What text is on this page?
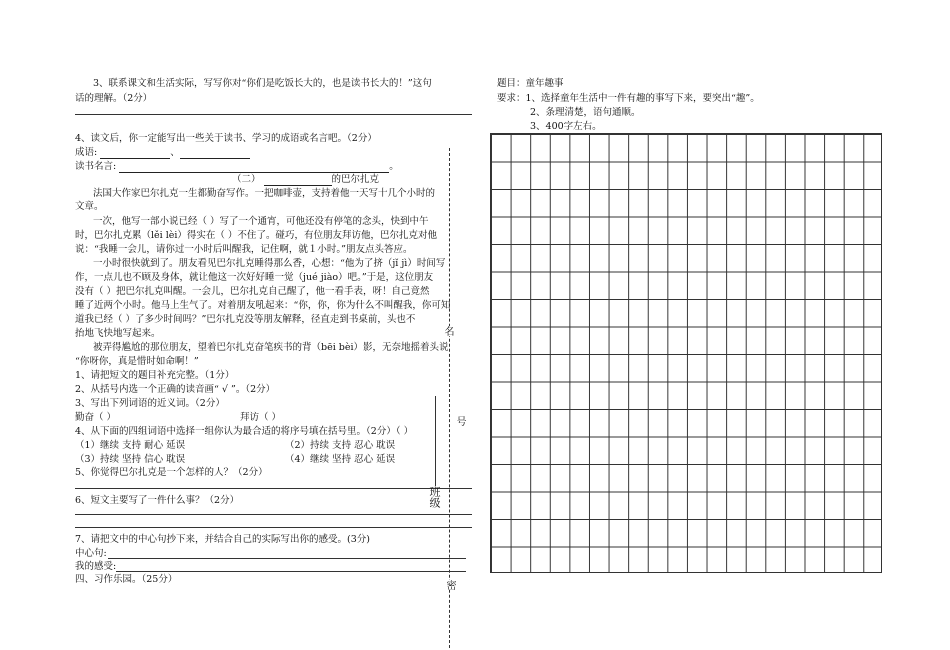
3、联系课文和生活实际，写写你对“你们是吃饭长大的，也是读书长大的！”这句
话的理解。（2分）
4、读文后，你一定能写出一些关于读书、学习的成语或名言吧。（2分）
成语:	、
读书名言:	。
（二）	的巴尔扎克
法国大作家巴尔扎克一生都勤奋写作。一把咖啡壶，支持着他一天写十几个小时的
文章。
一次，他写一部小说已经（ ）写了一个通宵，可他还没有停笔的念头，快到中午
时，巴尔扎克累（lěi lèi）得实在（ ）不住了。碰巧，有位朋友拜访他，巴尔扎克对他
说：“我睡一会儿，请你过一小时后叫醒我，记住啊，就１小时。”朋友点头答应。
一小时很快就到了。朋友看见巴尔扎克睡得那么香，心想：“他为了挤（jǐ jì）时间写
作，一点儿也不顾及身体，就让他这一次好好睡一觉（jué jiào）吧。”于是，这位朋友
没有（ ）把巴尔扎克叫醒。一会儿，巴尔扎克自己醒了，他一看手表，呀！自己竟然
睡了近两个小时。他马上生气了。对着朋友吼起来：“你，你，你为什么不叫醒我，你可知
道我已经（ ）了多少时间吗？”巴尔扎克没等朋友解释，径直走到书桌前，头也不
抬地飞快地写起来。
被弄得尴尬的那位朋友，望着巴尔扎克奋笔疾书的背（bēi bèi）影，无奈地摇着头说
“你呀你，真是惜时如命啊！”
1、请把短文的题目补充完整。（1分）
2、从括号内选一个正确的读音画“ √ ”。（2分）
3、写出下列词语的近义词。（2分）
勤奋（ ）	拜访（ ）
4、从下面的四组词语中选择一组你认为最合适的将序号填在括号里。（2分）（ ）
（1）继续 支持 耐心 延误	（2）持续 支持 忍心 耽误
（3）持续 坚持 信心 耽误	（4）继续 坚持 忍心 延误
5、你觉得巴尔扎克是一个怎样的人？（2分）
6、短文主要写了一件什么事？（2分）
7、请把文中的中心句抄下来，并结合自己的实际写出你的感受。(3分)
中心句:
我的感受:
四、习作乐园。（25分）
名
号
班级
密
题目：童年趣事
要求：1、选择童年生活中一件有趣的事写下来，要突出“趣”。
2、条理清楚，语句通顺。
3、400字左右。
